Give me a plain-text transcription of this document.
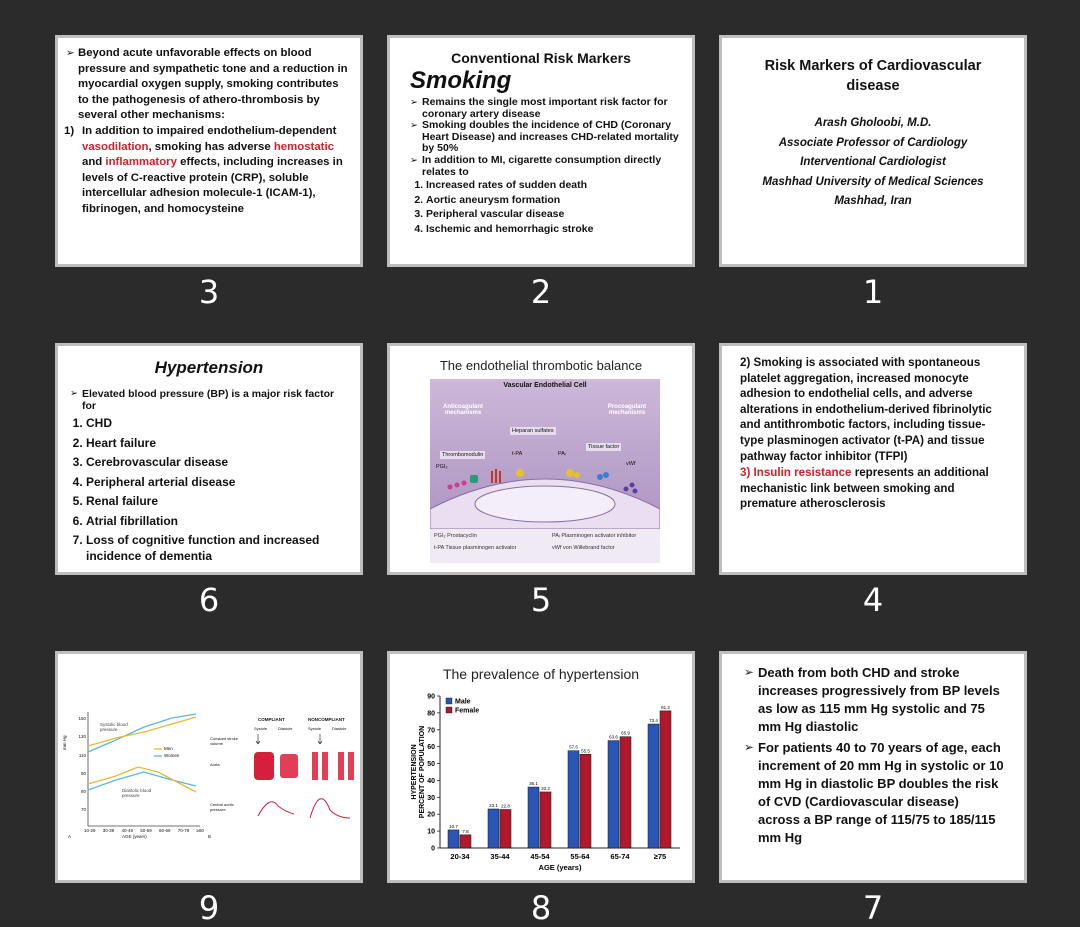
➢ Beyond acute unfavorable effects on blood pressure and sympathetic tone and a reduction in myocardial oxygen supply, smoking contributes to the pathogenesis of athero-thrombosis by several other mechanisms:
1) In addition to impaired endothelium-dependent vasodilation, smoking has adverse hemostatic and inflammatory effects, including increases in levels of C-reactive protein (CRP), soluble intercellular adhesion molecule-1 (ICAM-1), fibrinogen, and homocysteine
3
Conventional Risk Markers
Smoking
➢ Remains the single most important risk factor for coronary artery disease
➢ Smoking doubles the incidence of CHD (Coronary Heart Disease) and increases CHD-related mortality by 50%
➢ In addition to MI, cigarette consumption directly relates to
1. Increased rates of sudden death
2. Aortic aneurysm formation
3. Peripheral vascular disease
4. Ischemic and hemorrhagic stroke
2
Risk Markers of Cardiovascular disease
Arash Gholoobi, M.D.
Associate Professor of Cardiology
Interventional Cardiologist
Mashhad University of Medical Sciences
Mashhad, Iran
1
Hypertension
➢ Elevated blood pressure (BP) is a major risk factor for
1. CHD
2. Heart failure
3. Cerebrovascular disease
4. Peripheral arterial disease
5. Renal failure
6. Atrial fibrillation
7. Loss of cognitive function and increased incidence of dementia
6
The endothelial thrombotic balance
Vascular Endothelial Cell
Anticoagulant mechanisms
Procoagulant mechanisms
Heparan sulfates
Thrombomodulin	t-PA	PAᵢ
Tissue factor
vWf
PGI₂
PGI₂ Prostacyclin	PAᵢ Plasminogen activator inhibitor t-PA Tissue plasminogen activator	vWf von Willebrand factor
5
2) Smoking is associated with spontaneous platelet aggregation, increased monocyte adhesion to endothelial cells, and adverse alterations in endothelium-derived fibrinolytic and antithrombotic factors, including tissue-type plasminogen activator (t-PA) and tissue pathway factor inhibitor (TFPI)
3) Insulin resistance represents an additional mechanistic link between smoking and premature atherosclerosis
4
mm Hg
150
130
110
90
80
70
10-29 30-39 40-49 50-59 60-69 70-79 ≥80
AGE (years)
A	B
Systolic blood pressure
Diastolic blood pressure
Men
Women
COMPLIANT	NONCOMPLIANT
Systole	Diastole	Systole	Diastole
Constant stroke volume
Aorta
Central aortic pressure
9
The prevalence of hypertension
0
10
20
30
40
50
60
70
80
90
HYPERTENSION PERCENT OF POPULATION
10.7
7.8
20-34
23.1 22.8
35-44
36.1
33.2
45-54
57.6
55.5
55-64
63.6
65.9
65-74
73.4
81.2
≥75
AGE (years)
Male
Female
8
➢ Death from both CHD and stroke increases progressively from BP levels as low as 115 mm Hg systolic and 75 mm Hg diastolic
➢ For patients 40 to 70 years of age, each increment of 20 mm Hg in systolic or 10 mm Hg in diastolic BP doubles the risk of CVD (Cardiovascular disease) across a BP range of 115/75 to 185/115 mm Hg
7
